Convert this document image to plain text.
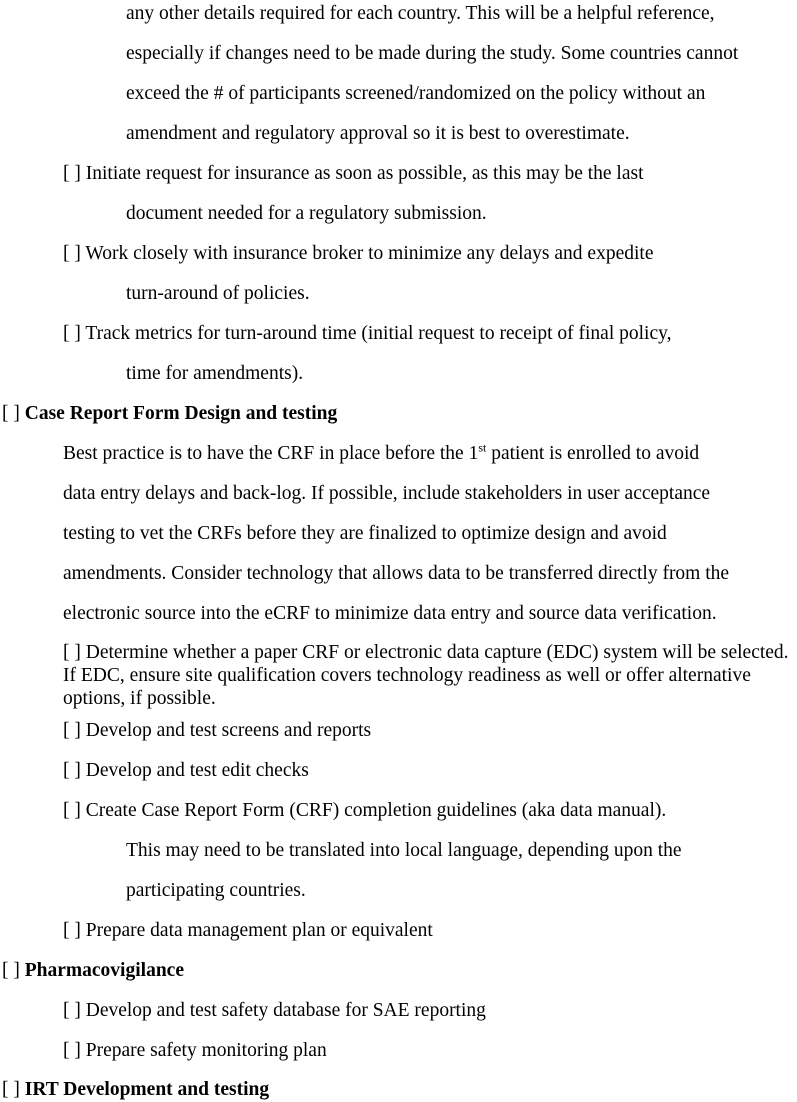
any other details required for each country. This will be a helpful reference,
especially if changes need to be made during the study. Some countries cannot
exceed the # of participants screened/randomized on the policy without an
amendment and regulatory approval so it is best to overestimate.
[ ] Initiate request for insurance as soon as possible, as this may be the last
document needed for a regulatory submission.
[ ] Work closely with insurance broker to minimize any delays and expedite
turn-around of policies.
[ ] Track metrics for turn-around time (initial request to receipt of final policy,
time for amendments).
[ ] Case Report Form Design and testing
Best practice is to have the CRF in place before the 1st patient is enrolled to avoid
data entry delays and back-log. If possible, include stakeholders in user acceptance
testing to vet the CRFs before they are finalized to optimize design and avoid
amendments. Consider technology that allows data to be transferred directly from the
electronic source into the eCRF to minimize data entry and source data verification.
[ ] Determine whether a paper CRF or electronic data capture (EDC) system will be selected. If EDC, ensure site qualification covers technology readiness as well or offer alternative options, if possible.
[ ] Develop and test screens and reports
[ ] Develop and test edit checks
[ ] Create Case Report Form (CRF) completion guidelines (aka data manual).
This may need to be translated into local language, depending upon the
participating countries.
[ ] Prepare data management plan or equivalent
[ ] Pharmacovigilance
[ ] Develop and test safety database for SAE reporting
[ ] Prepare safety monitoring plan
[ ] IRT Development and testing
